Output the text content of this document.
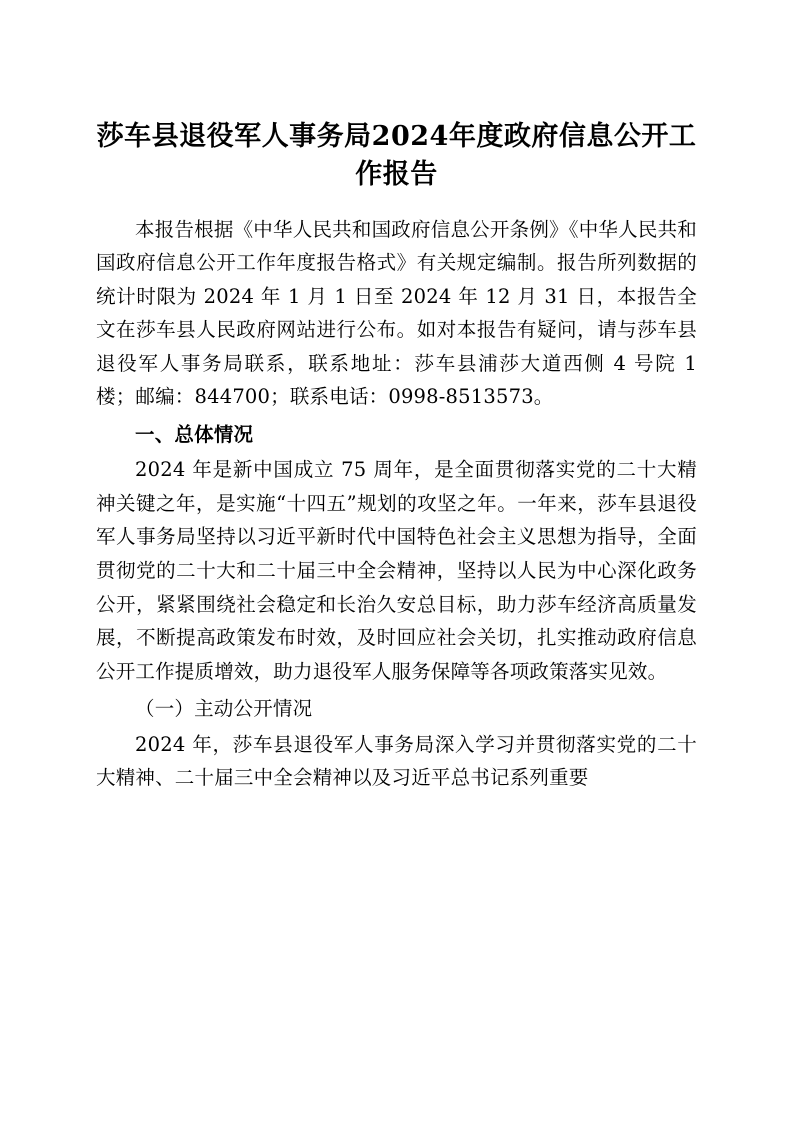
莎车县退役军人事务局2024年度政府信息公开工作报告

本报告根据《中华人民共和国政府信息公开条例》《中华人民共和国政府信息公开工作年度报告格式》有关规定编制。报告所列数据的统计时限为 2024 年 1 月 1 日至 2024 年 12 月 31 日，本报告全文在莎车县人民政府网站进行公布。如对本报告有疑问，请与莎车县退役军人事务局联系，联系地址：莎车县浦莎大道西侧 4 号院 1 楼；邮编：844700；联系电话：0998-8513573。

一、总体情况

2024 年是新中国成立 75 周年，是全面贯彻落实党的二十大精神关键之年，是实施“十四五”规划的攻坚之年。一年来，莎车县退役军人事务局坚持以习近平新时代中国特色社会主义思想为指导，全面贯彻党的二十大和二十届三中全会精神，坚持以人民为中心深化政务公开，紧紧围绕社会稳定和长治久安总目标，助力莎车经济高质量发展，不断提高政策发布时效，及时回应社会关切，扎实推动政府信息公开工作提质增效，助力退役军人服务保障等各项政策落实见效。

（一）主动公开情况

2024 年，莎车县退役军人事务局深入学习并贯彻落实党的二十大精神、二十届三中全会精神以及习近平总书记系列重要
